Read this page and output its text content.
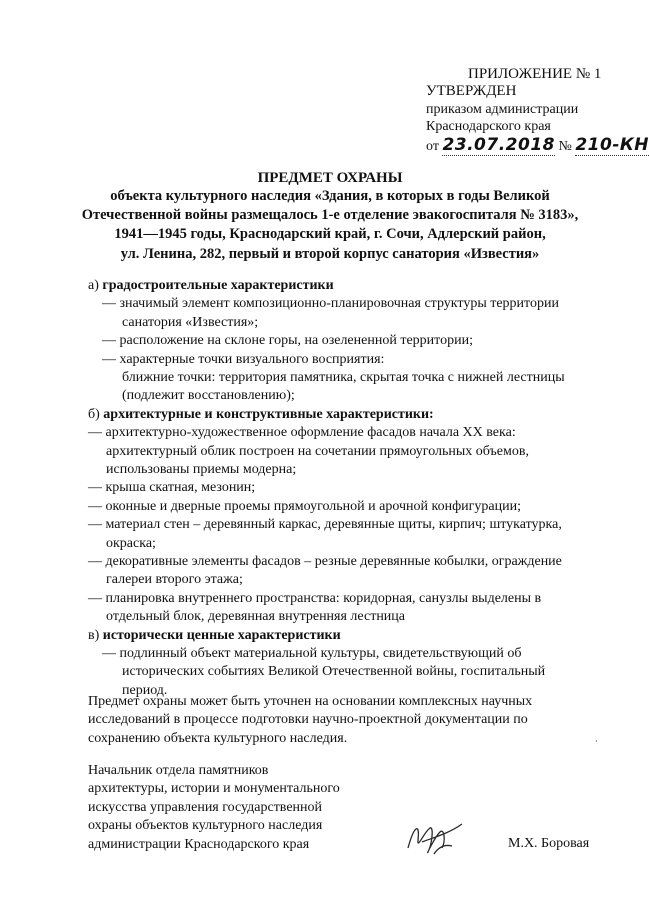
ПРИЛОЖЕНИЕ № 1
УТВЕРЖДЕН
приказом администрации
Краснодарского края
от 23.07.2018 № 210-КН
ПРЕДМЕТ ОХРАНЫ
объекта культурного наследия «Здания, в которых в годы Великой
Отечественной войны размещалось 1-е отделение эвакогоспиталя № 3183»,
1941—1945 годы, Краснодарский край, г. Сочи, Адлерский район,
ул. Ленина, 282, первый и второй корпус санатория «Известия»
а) градостроительные характеристики
— значимый элемент композиционно-планировочная структуры территории
санатория «Известия»;
— расположение на склоне горы, на озелененной территории;
— характерные точки визуального восприятия:
ближние точки: территория памятника, скрытая точка с нижней лестницы
(подлежит восстановлению);
б) архитектурные и конструктивные характеристики:
— архитектурно-художественное оформление фасадов начала XX века:
архитектурный облик построен на сочетании прямоугольных объемов,
использованы приемы модерна;
— крыша скатная, мезонин;
— оконные и дверные проемы прямоугольной и арочной конфигурации;
— материал стен – деревянный каркас, деревянные щиты, кирпич; штукатурка,
окраска;
— декоративные элементы фасадов – резные деревянные кобылки, ограждение
галереи второго этажа;
— планировка внутреннего пространства: коридорная, санузлы выделены в
отдельный блок, деревянная внутренняя лестница
в) исторически ценные характеристики
— подлинный объект материальной культуры, свидетельствующий об
исторических событиях Великой Отечественной войны, госпитальный
период.
Предмет охраны может быть уточнен на основании комплексных научных
исследований в процессе подготовки научно-проектной документации по
сохранению объекта культурного наследия.
Начальник отдела памятников
архитектуры, истории и монументального
искусства управления государственной
охраны объектов культурного наследия
администрации Краснодарского края	М.Х. Боровая
